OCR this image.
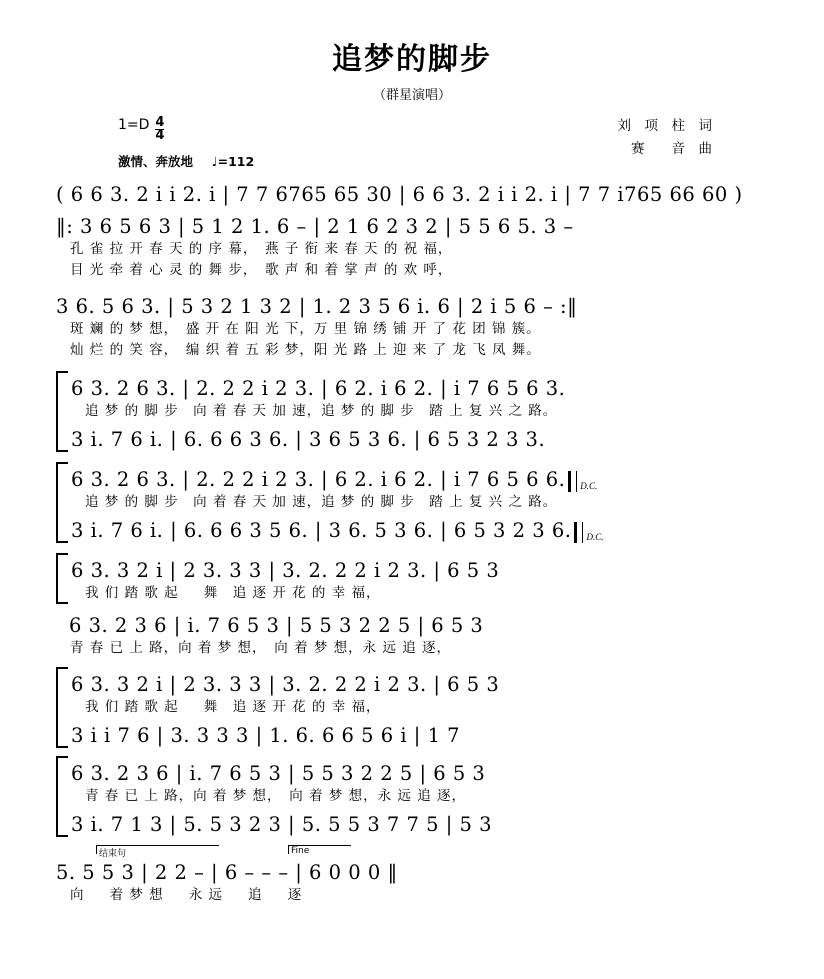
追梦的脚步
（群星演唱）
$1=D \frac{4}{4}$
激情、奔放地 ♩=112
刘　项　柱　词
赛　　音　曲
( 6 6 3. 2 i i 2. i | 7 7 6765 65 30 | 6 6 3. 2 i i 2. i | 7 7 i765 66 60 )
‖: 3 6 5 6 3 | 5 1 2 1. 6 – | 2 1 6 2 3 2 | 5 5 6 5. 3 –
孔 雀 拉 开 春 天 的 序 幕，　燕 子 衔 来 春 天 的 祝 福，
目 光 牵 着 心 灵 的 舞 步，　歌 声 和 着 掌 声 的 欢 呼，
3 6. 5 6 3. | 5 3 2 1 3 2 | 1. 2 3 5 6 i. 6 | 2 i 5 6 – :‖
斑 斓 的 梦 想，　盛 开 在 阳 光 下，万 里 锦 绣 铺 开 了 花 团 锦 簇。
灿 烂 的 笑 容，　编 织 着 五 彩 梦，阳 光 路 上 迎 来 了 龙 飞 凤 舞。
6 3. 2 6 3. | 2. 2 2 i 2 3. | 6 2. i 6 2. | i 7 6 5 6 3.
追 梦 的 脚 步　向 着 春 天 加 速，追 梦 的 脚 步　踏 上 复 兴 之 路。
3 i. 7 6 i. | 6. 6 6 3 6. | 3 6 5 3 6. | 6 5 3 2 3 3.
6 3. 2 6 3. | 2. 2 2 i 2 3. | 6 2. i 6 2. | i 7 6 5 6 6. D.C.
追 梦 的 脚 步　向 着 春 天 加 速，追 梦 的 脚 步　踏 上 复 兴 之 路。
3 i. 7 6 i. | 6. 6 6 3 5 6. | 3 6. 5 3 6. | 6 5 3 2 3 6. D.C.
6 3. 3 2 i | 2 3. 3 3 | 3. 2. 2 2 i 2 3. | 6 5 3
我 们 踏 歌 起 　 舞　追 逐 开 花 的 幸 福，
6 3. 2 3 6 | i. 7 6 5 3 | 5 5 3 2 2 5 | 6 5 3
青 春 已 上 路，向 着 梦 想，　向 着 梦 想，永 远 追 逐，
6 3. 3 2 i | 2 3. 3 3 | 3. 2. 2 2 i 2 3. | 6 5 3
我 们 踏 歌 起 　 舞　追 逐 开 花 的 幸 福，
3 i i 7 6 | 3. 3 3 3 | 1. 6. 6 6 5 6 i | 1 7
6 3. 2 3 6 | i. 7 6 5 3 | 5 5 3 2 2 5 | 6 5 3
青 春 已 上 路，向 着 梦 想，　向 着 梦 想，永 远 追 逐，
3 i. 7 1 3 | 5. 5 3 2 3 | 5. 5 5 3 7 7 5 | 5 3
结束句	Fine
5. 5 5 3 | 2 2 – | 6 – – – | 6 0 0 0 ‖
向 　 着 梦 想 　 永 远 　 追 　 逐
